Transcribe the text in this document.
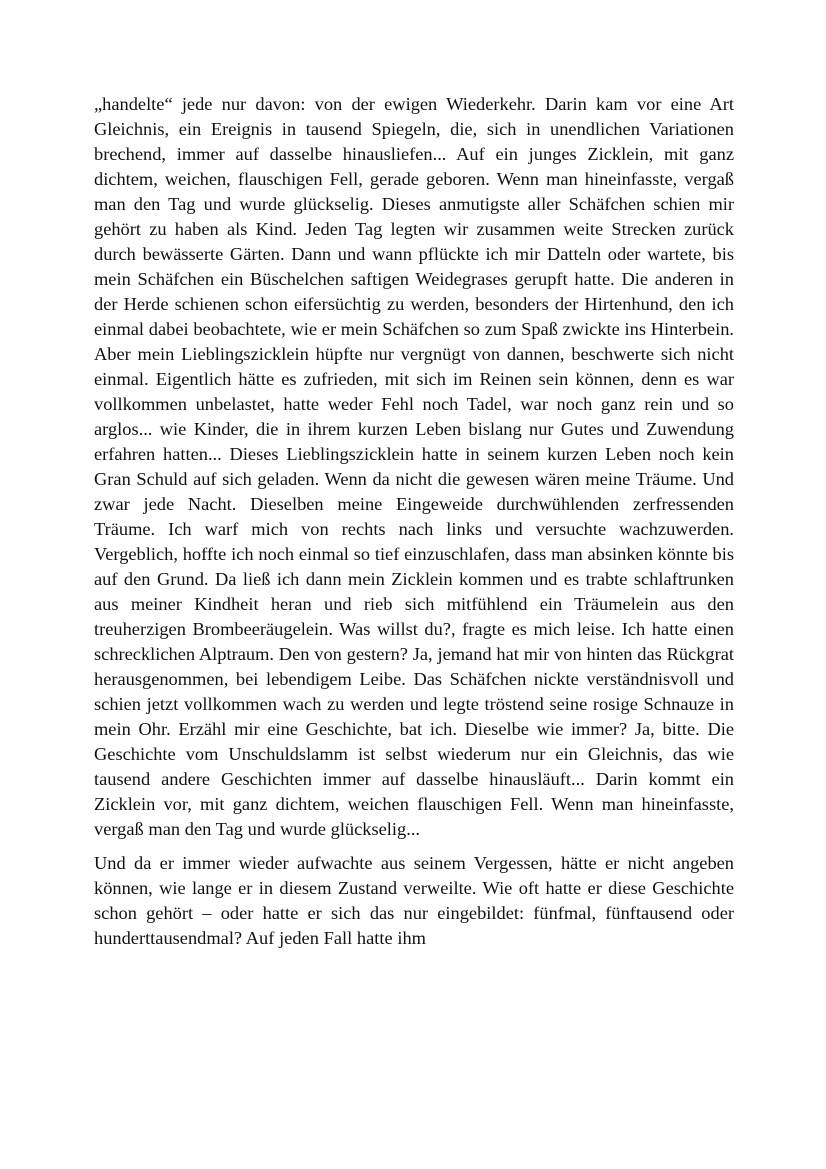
„handelte“ jede nur davon: von der ewigen Wiederkehr. Darin kam vor eine Art Gleichnis, ein Ereignis in tausend Spiegeln, die, sich in unendlichen Variationen brechend, immer auf dasselbe hinausliefen... Auf ein junges Zicklein, mit ganz dichtem, weichen, flauschigen Fell, gerade geboren. Wenn man hineinfasste, vergaß man den Tag und wurde glückselig. Dieses anmutigste aller Schäfchen schien mir gehört zu haben als Kind. Jeden Tag legten wir zusammen weite Strecken zurück durch bewässerte Gärten. Dann und wann pflückte ich mir Datteln oder wartete, bis mein Schäfchen ein Büschelchen saftigen Weidegrases gerupft hatte. Die anderen in der Herde schienen schon eifersüchtig zu werden, besonders der Hirtenhund, den ich einmal dabei beobachtete, wie er mein Schäfchen so zum Spaß zwickte ins Hinterbein. Aber mein Lieblingszicklein hüpfte nur vergnügt von dannen, beschwerte sich nicht einmal. Eigentlich hätte es zufrieden, mit sich im Reinen sein können, denn es war vollkommen unbelastet, hatte weder Fehl noch Tadel, war noch ganz rein und so arglos... wie Kinder, die in ihrem kurzen Leben bislang nur Gutes und Zuwendung erfahren hatten... Dieses Lieblingszicklein hatte in seinem kurzen Leben noch kein Gran Schuld auf sich geladen. Wenn da nicht die gewesen wären meine Träume. Und zwar jede Nacht. Dieselben meine Eingeweide durchwühlenden zerfressenden Träume. Ich warf mich von rechts nach links und versuchte wachzuwerden. Vergeblich, hoffte ich noch einmal so tief einzuschlafen, dass man absinken könnte bis auf den Grund. Da ließ ich dann mein Zicklein kommen und es trabte schlaftrunken aus meiner Kindheit heran und rieb sich mitfühlend ein Träumelein aus den treuherzigen Brombeeräugelein. Was willst du?, fragte es mich leise. Ich hatte einen schrecklichen Alptraum. Den von gestern? Ja, jemand hat mir von hinten das Rückgrat herausgenommen, bei lebendigem Leibe. Das Schäfchen nickte verständnisvoll und schien jetzt vollkommen wach zu werden und legte tröstend seine rosige Schnauze in mein Ohr. Erzähl mir eine Geschichte, bat ich. Dieselbe wie immer? Ja, bitte. Die Geschichte vom Unschuldslamm ist selbst wiederum nur ein Gleichnis, das wie tausend andere Geschichten immer auf dasselbe hinausläuft... Darin kommt ein Zicklein vor, mit ganz dichtem, weichen flauschigen Fell. Wenn man hineinfasste, vergaß man den Tag und wurde glückselig...

Und da er immer wieder aufwachte aus seinem Vergessen, hätte er nicht angeben können, wie lange er in diesem Zustand verweilte. Wie oft hatte er diese Geschichte schon gehört – oder hatte er sich das nur eingebildet: fünfmal, fünftausend oder hunderttausendmal? Auf jeden Fall hatte ihm
